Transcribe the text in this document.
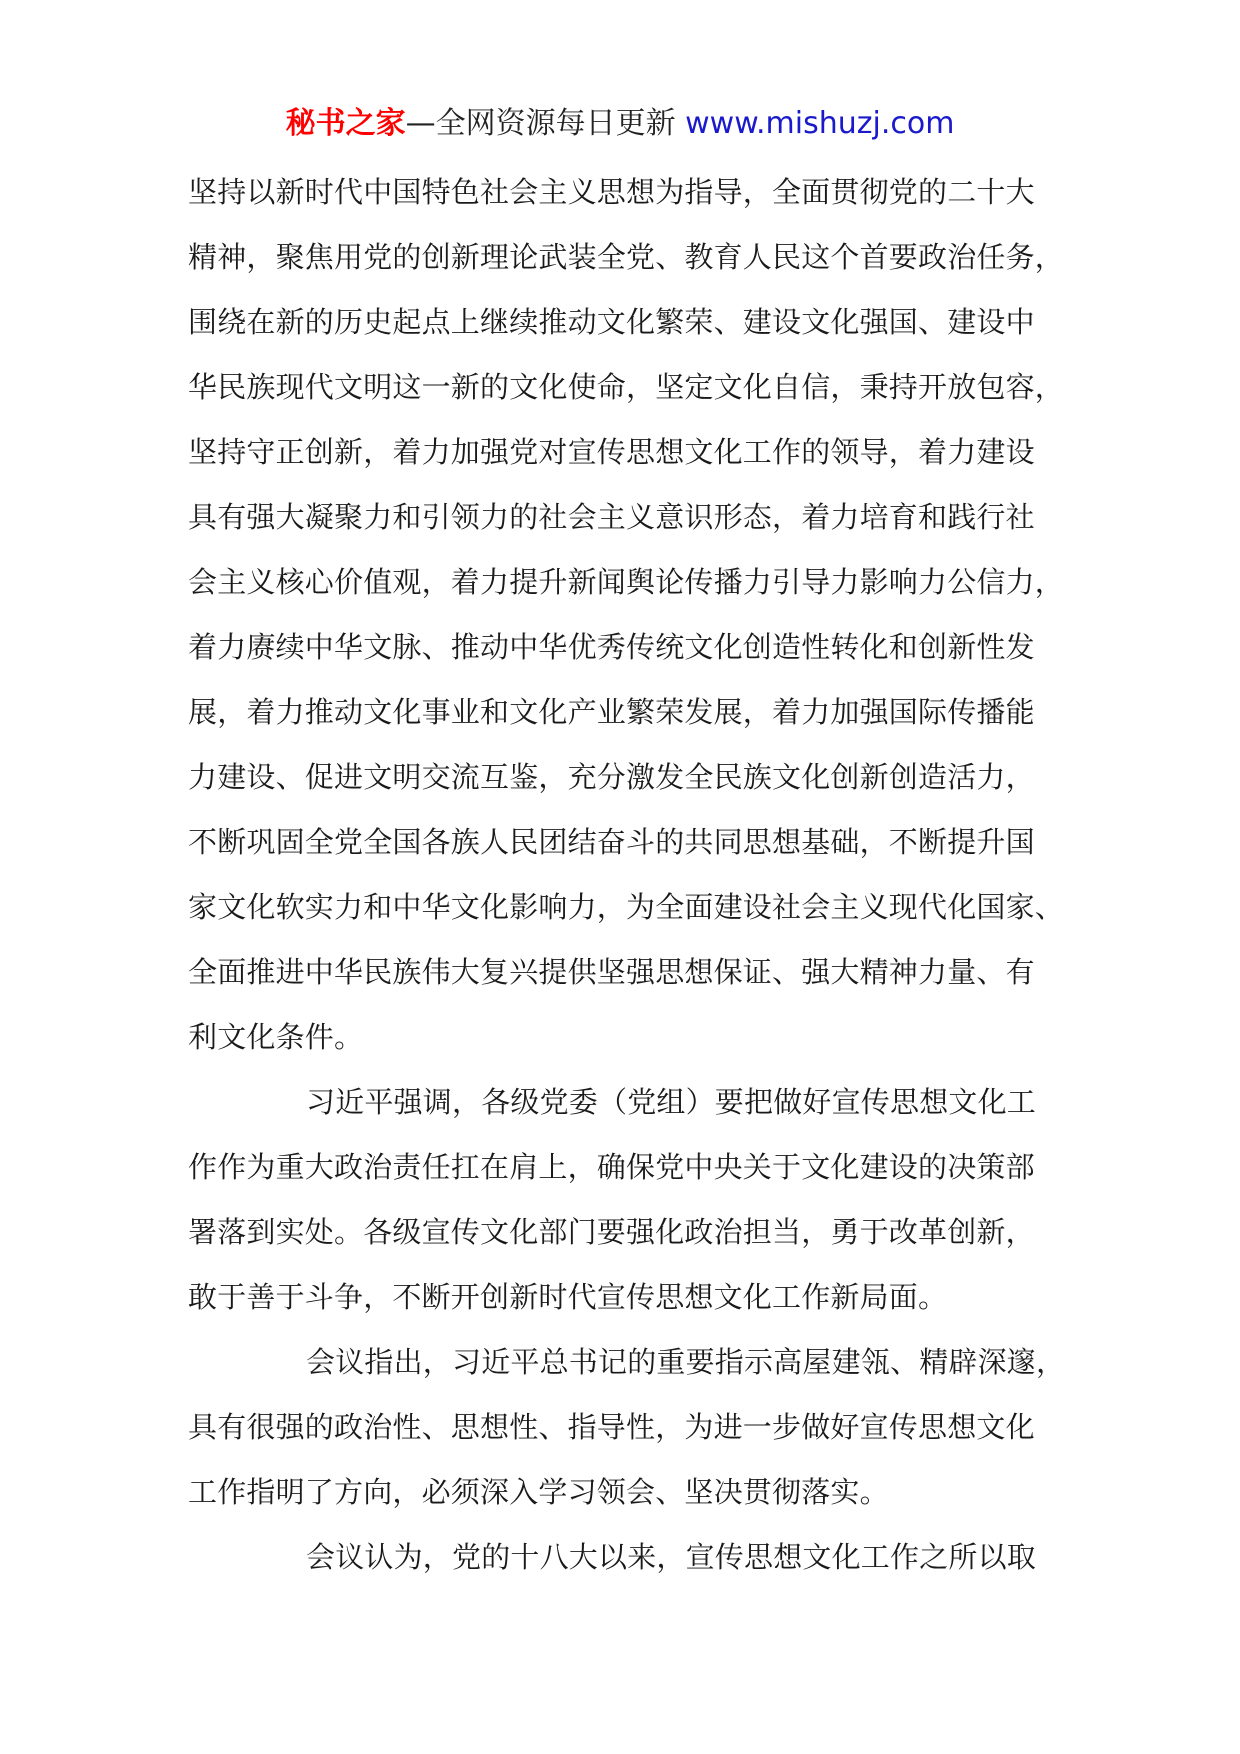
秘书之家—全网资源每日更新 www.mishuzj.com
坚持以新时代中国特色社会主义思想为指导，全面贯彻党的二十大
精神，聚焦用党的创新理论武装全党、教育人民这个首要政治任务，
围绕在新的历史起点上继续推动文化繁荣、建设文化强国、建设中
华民族现代文明这一新的文化使命，坚定文化自信，秉持开放包容，
坚持守正创新，着力加强党对宣传思想文化工作的领导，着力建设
具有强大凝聚力和引领力的社会主义意识形态，着力培育和践行社
会主义核心价值观，着力提升新闻舆论传播力引导力影响力公信力，
着力赓续中华文脉、推动中华优秀传统文化创造性转化和创新性发
展，着力推动文化事业和文化产业繁荣发展，着力加强国际传播能
力建设、促进文明交流互鉴，充分激发全民族文化创新创造活力，
不断巩固全党全国各族人民团结奋斗的共同思想基础，不断提升国
家文化软实力和中华文化影响力，为全面建设社会主义现代化国家、
全面推进中华民族伟大复兴提供坚强思想保证、强大精神力量、有
利文化条件。
习近平强调，各级党委（党组）要把做好宣传思想文化工
作作为重大政治责任扛在肩上，确保党中央关于文化建设的决策部
署落到实处。各级宣传文化部门要强化政治担当，勇于改革创新，
敢于善于斗争，不断开创新时代宣传思想文化工作新局面。
会议指出，习近平总书记的重要指示高屋建瓴、精辟深邃，
具有很强的政治性、思想性、指导性，为进一步做好宣传思想文化
工作指明了方向，必须深入学习领会、坚决贯彻落实。
会议认为，党的十八大以来，宣传思想文化工作之所以取
